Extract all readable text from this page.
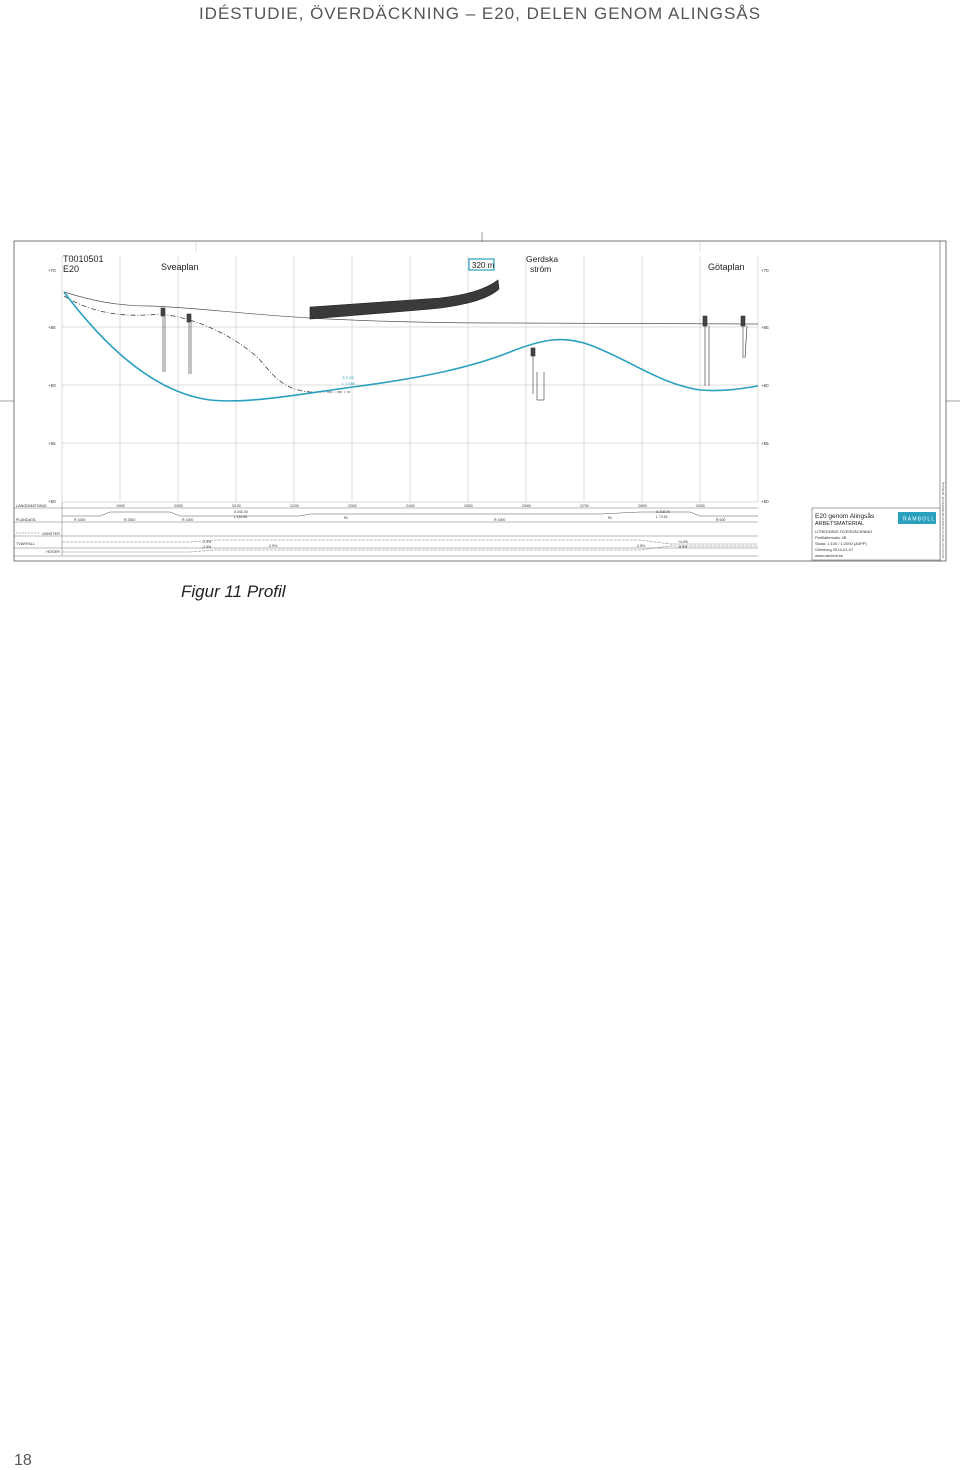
IDÉSTUDIE, ÖVERDÄCKNING – E20, DELEN GENOM ALINGSÅS
+70	+70
+65	+65
+60	+60
+55	+55
+50	+50
T0010501
E20	Sveaplan	320 m
Gerdska
ström	Götaplan
S 1:25
L 1:000
LÄNGDMÄTNING
PLANDATA
VÄNSTER
TVÄRFALL
HÖGER
1/900	2/000	2/100	2/200	2/300	2/400	2/500	2/600	2/700	2/800	2/900
R 1000	R 2500	R 1000	R 1000	R 600
RL	RL
A 340.00
L 115.60
A 218.00
L 73.54
-2.5%
-2.5%	-2.5%	-2.5%
+4.0%
-4.0%
E20 genom Alingsås
ARBETSMATERIAL
RAMBOLL
UTREDNING ÖVERDÄCKNING
Profilalternativ 4B
Skala: 1:100 / 1:2000 (A3PP)
Göteborg 2014-01-07
www.ramboll.se	2014-01-07 09:22:14 N:\2013\T0010501\Profil_alt4B.dwg
Figur 11 Profil
18
